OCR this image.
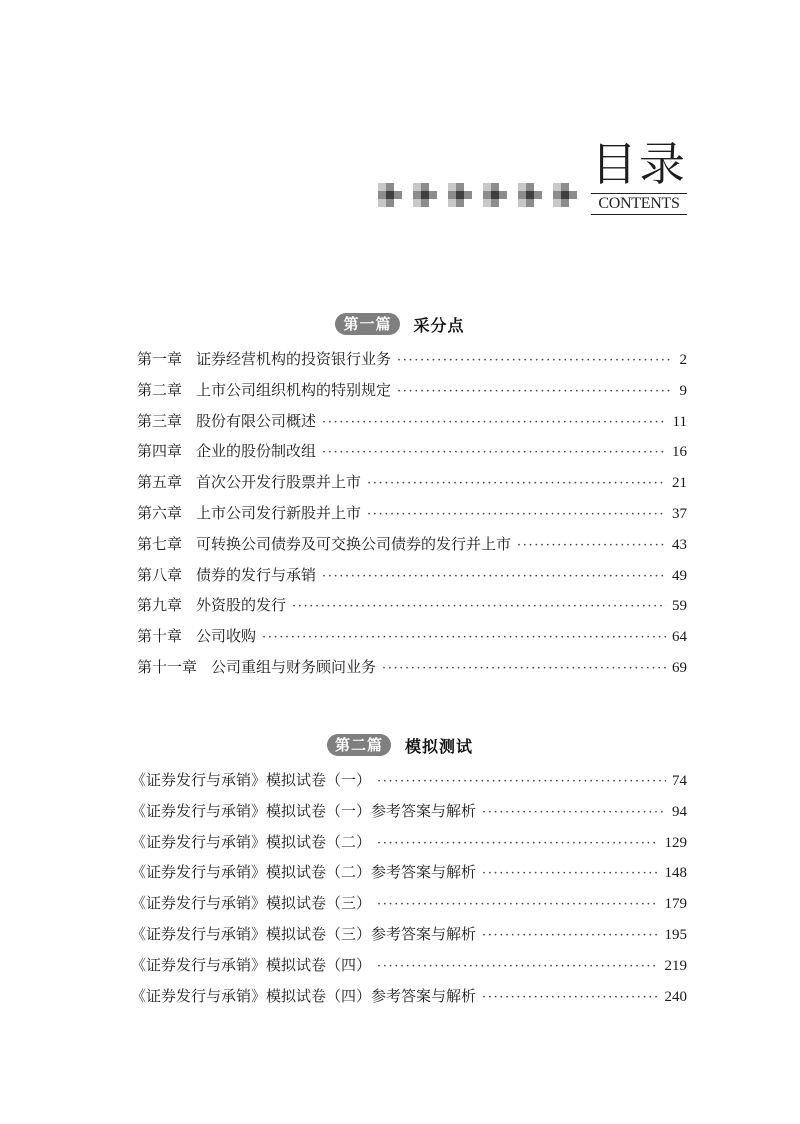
目录
CONTENTS
第一篇	采分点
第一章 证券经营机构的投资银行业务 ·····	2
第二章 上市公司组织机构的特别规定 ·····	9
第三章 股份有限公司概述 ·····	11
第四章 企业的股份制改组 ·····	16
第五章 首次公开发行股票并上市 ·····	21
第六章 上市公司发行新股并上市 ·····	37
第七章 可转换公司债券及可交换公司债券的发行并上市 ·····	43
第八章 债券的发行与承销 ·····	49
第九章 外资股的发行 ·····	59
第十章 公司收购 ·····	64
第十一章 公司重组与财务顾问业务 ·····	69
第二篇	模拟测试
《证券发行与承销》模拟试卷（一） ·····	74
《证券发行与承销》模拟试卷（一）参考答案与解析 ·····	94
《证券发行与承销》模拟试卷（二） ·····	129
《证券发行与承销》模拟试卷（二）参考答案与解析 ·····	148
《证券发行与承销》模拟试卷（三） ·····	179
《证券发行与承销》模拟试卷（三）参考答案与解析 ·····	195
《证券发行与承销》模拟试卷（四） ·····	219
《证券发行与承销》模拟试卷（四）参考答案与解析 ·····	240
